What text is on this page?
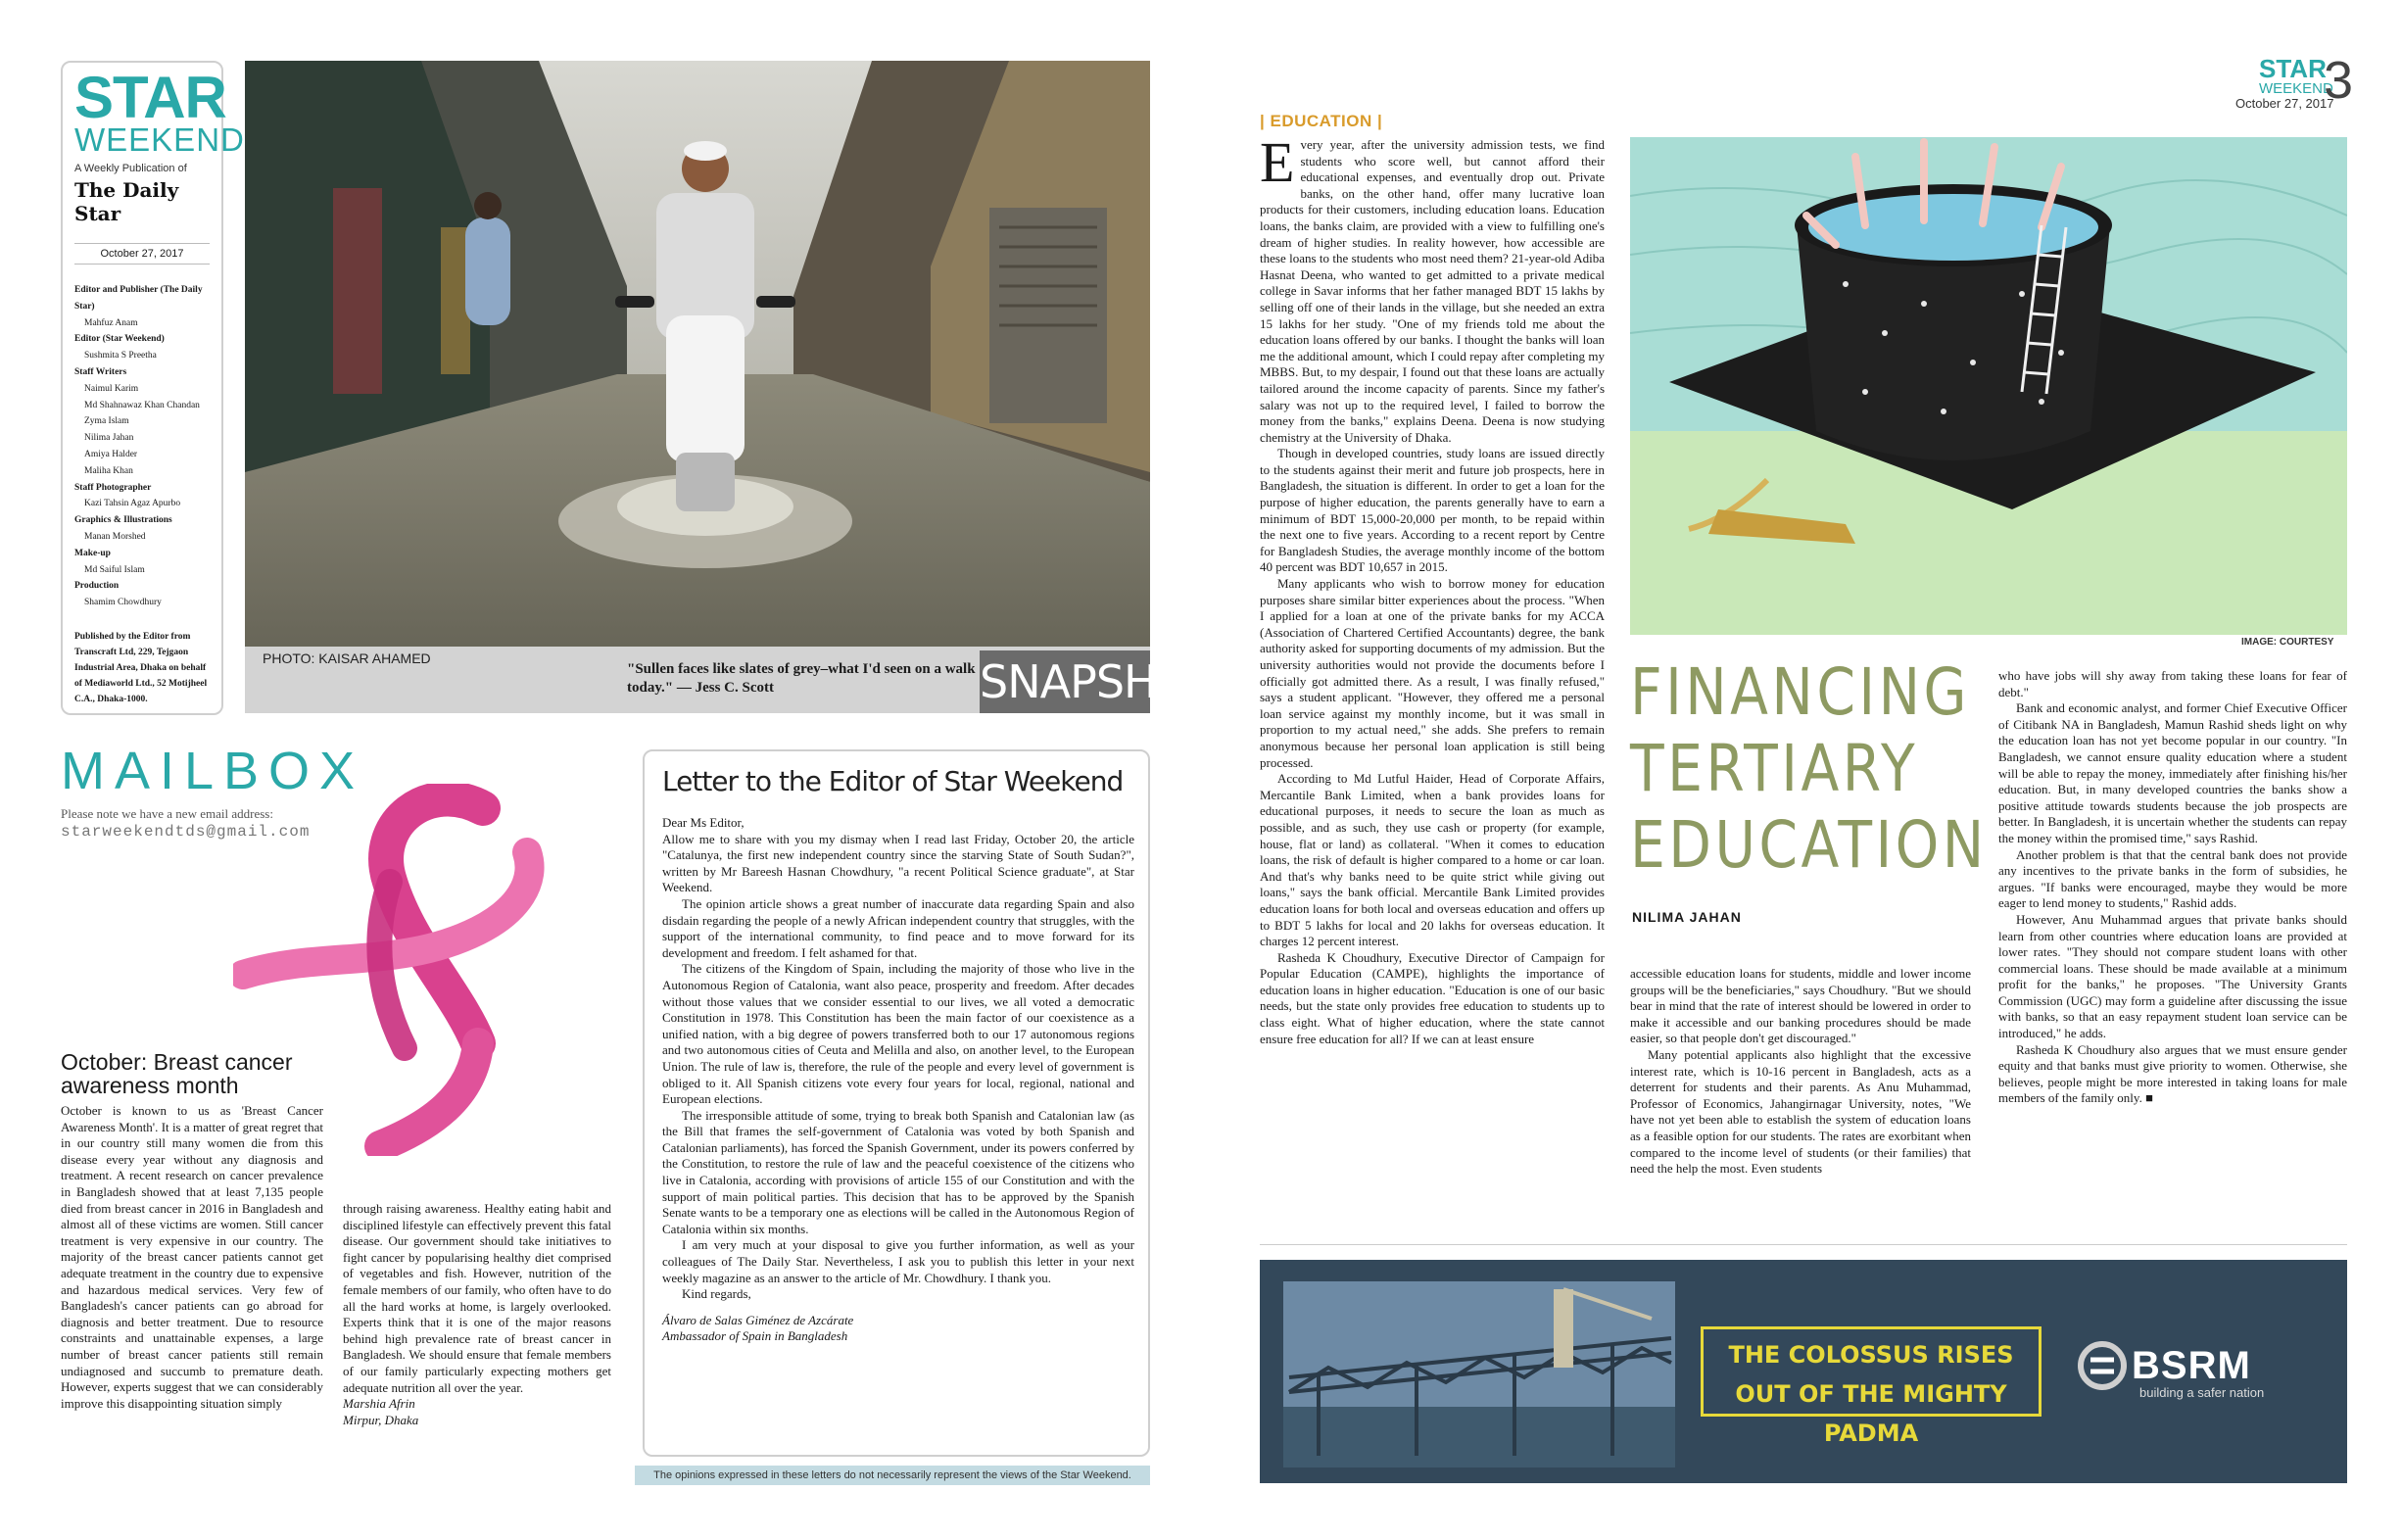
STAR
WEEKEND
A Weekly Publication of
The Daily Star
October 27, 2017
Editor and Publisher (The Daily Star)
Mahfuz Anam
Editor (Star Weekend)
Sushmita S Preetha
Staff Writers
Naimul Karim
Md Shahnawaz Khan Chandan
Zyma Islam
Nilima Jahan
Amiya Halder
Maliha Khan
Staff Photographer
Kazi Tahsin Agaz Apurbo
Graphics & Illustrations
Manan Morshed
Make-up
Md Saiful Islam
Production
Shamim Chowdhury
Published by the Editor from Transcraft Ltd, 229, Tejgaon Industrial Area, Dhaka on behalf of Mediaworld Ltd., 52 Motijheel C.A., Dhaka-1000.
PHOTO: KAISAR AHAMED
"Sullen faces like slates of grey–what I'd seen on a walk today." — Jess C. Scott	SNAPSHOT
MAILBOX
Please note we have a new email address:
starweekendtds@gmail.com
October: Breast cancer awareness month
October is known to us as 'Breast Cancer Awareness Month'. It is a matter of great regret that in our country still many women die from this disease every year without any diagnosis and treatment. A recent research on cancer prevalence in Bangladesh showed that at least 7,135 people died from breast cancer in 2016 in Bangladesh and almost all of these victims are women. Still cancer treatment is very expensive in our country. The majority of the breast cancer patients cannot get adequate treatment in the country due to expensive and hazardous medical services. Very few of Bangladesh's cancer patients can go abroad for diagnosis and better treatment. Due to resource constraints and unattainable expenses, a large number of breast cancer patients still remain undiagnosed and succumb to premature death. However, experts suggest that we can considerably improve this disappointing situation simply
through raising awareness. Healthy eating habit and disciplined lifestyle can effectively prevent this fatal disease. Our government should take initiatives to fight cancer by popularising healthy diet comprised of vegetables and fish. However, nutrition of the female members of our family, who often have to do all the hard works at home, is largely overlooked. Experts think that it is one of the major reasons behind high prevalence rate of breast cancer in Bangladesh. We should ensure that female members of our family particularly expecting mothers get adequate nutrition all over the year.
Marshia Afrin
Mirpur, Dhaka
Letter to the Editor of Star Weekend

Dear Ms Editor,

Allow me to share with you my dismay when I read last Friday, October 20, the article "Catalunya, the first new independent country since the starving State of South Sudan?", written by Mr Bareesh Hasnan Chowdhury, "a recent Political Science graduate", at Star Weekend.

The opinion article shows a great number of inaccurate data regarding Spain and also disdain regarding the people of a newly African independent country that struggles, with the support of the international community, to find peace and to move forward for its development and freedom. I felt ashamed for that.

The citizens of the Kingdom of Spain, including the majority of those who live in the Autonomous Region of Catalonia, want also peace, prosperity and freedom. After decades without those values that we consider essential to our lives, we all voted a democratic Constitution in 1978. This Constitution has been the main factor of our coexistence as a unified nation, with a big degree of powers transferred both to our 17 autonomous regions and two autonomous cities of Ceuta and Melilla and also, on another level, to the European Union. The rule of law is, therefore, the rule of the people and every level of government is obliged to it. All Spanish citizens vote every four years for local, regional, national and European elections.

The irresponsible attitude of some, trying to break both Spanish and Catalonian law (as the Bill that frames the self-government of Catalonia was voted by both Spanish and Catalonian parliaments), has forced the Spanish Government, under its powers conferred by the Constitution, to restore the rule of law and the peaceful coexistence of the citizens who live in Catalonia, according with provisions of article 155 of our Constitution and with the support of main political parties. This decision that has to be approved by the Spanish Senate wants to be a temporary one as elections will be called in the Autonomous Region of Catalonia within six months.

I am very much at your disposal to give you further information, as well as your colleagues of The Daily Star. Nevertheless, I ask you to publish this letter in your next weekly magazine as an answer to the article of Mr. Chowdhury. I thank you.

Kind regards,

Álvaro de Salas Giménez de Azcárate

Ambassador of Spain in Bangladesh

The opinions expressed in these letters do not necessarily represent the views of the Star Weekend.
STAR
WEEKEND
October 27, 2017
3
| EDUCATION |

Every year, after the university admission tests, we find students who score well, but cannot afford their educational expenses, and eventually drop out. Private banks, on the other hand, offer many lucrative loan products for their customers, including education loans. Education loans, the banks claim, are provided with a view to fulfilling one's dream of higher studies. In reality however, how accessible are these loans to the students who most need them? 21-year-old Adiba Hasnat Deena, who wanted to get admitted to a private medical college in Savar informs that her father managed BDT 15 lakhs by selling off one of their lands in the village, but she needed an extra 15 lakhs for her study. "One of my friends told me about the education loans offered by our banks. I thought the banks will loan me the additional amount, which I could repay after completing my MBBS. But, to my despair, I found out that these loans are actually tailored around the income capacity of parents. Since my father's salary was not up to the required level, I failed to borrow the money from the banks," explains Deena. Deena is now studying chemistry at the University of Dhaka.

Though in developed countries, study loans are issued directly to the students against their merit and future job prospects, here in Bangladesh, the situation is different. In order to get a loan for the purpose of higher education, the parents generally have to earn a minimum of BDT 15,000-20,000 per month, to be repaid within the next one to five years. According to a recent report by Centre for Bangladesh Studies, the average monthly income of the bottom 40 percent was BDT 10,657 in 2015.

Many applicants who wish to borrow money for education purposes share similar bitter experiences about the process. "When I applied for a loan at one of the private banks for my ACCA (Association of Chartered Certified Accountants) degree, the bank authority asked for supporting documents of my admission. But the university authorities would not provide the documents before I officially got admitted there. As a result, I was finally refused," says a student applicant. "However, they offered me a personal loan service against my monthly income, but it was small in proportion to my actual need," she adds. She prefers to remain anonymous because her personal loan application is still being processed.

According to Md Lutful Haider, Head of Corporate Affairs, Mercantile Bank Limited, when a bank provides loans for educational purposes, it needs to secure the loan as much as possible, and as such, they use cash or property (for example, house, flat or land) as collateral. "When it comes to education loans, the risk of default is higher compared to a home or car loan. And that's why banks need to be quite strict while giving out loans," says the bank official. Mercantile Bank Limited provides education loans for both local and overseas education and offers up to BDT 5 lakhs for local and 20 lakhs for overseas education. It charges 12 percent interest.

Rasheda K Choudhury, Executive Director of Campaign for Popular Education (CAMPE), highlights the importance of education loans in higher education. "Education is one of our basic needs, but the state only provides free education to students up to class eight. What of higher education, where the state cannot ensure free education for all? If we can at least ensure

IMAGE: COURTESY
FINANCING
TERTIARY
EDUCATION
NILIMA JAHAN

accessible education loans for students, middle and lower income groups will be the beneficiaries," says Choudhury. "But we should bear in mind that the rate of interest should be lowered in order to make it accessible and our banking procedures should be made easier, so that people don't get discouraged."

Many potential applicants also highlight that the excessive interest rate, which is 10-16 percent in Bangladesh, acts as a deterrent for students and their parents. As Anu Muhammad, Professor of Economics, Jahangirnagar University, notes, "We have not yet been able to establish the system of education loans as a feasible option for our students. The rates are exorbitant when compared to the income level of students (or their families) that need the help the most. Even students

who have jobs will shy away from taking these loans for fear of debt."

Bank and economic analyst, and former Chief Executive Officer of Citibank NA in Bangladesh, Mamun Rashid sheds light on why the education loan has not yet become popular in our country. "In Bangladesh, we cannot ensure quality education where a student will be able to repay the money, immediately after finishing his/her education. But, in many developed countries the banks show a positive attitude towards students because the job prospects are better. In Bangladesh, it is uncertain whether the students can repay the money within the promised time," says Rashid.

Another problem is that that the central bank does not provide any incentives to the private banks in the form of subsidies, he argues. "If banks were encouraged, maybe they would be more eager to lend money to students," Rashid adds.

However, Anu Muhammad argues that private banks should learn from other countries where education loans are provided at lower rates. "They should not compare student loans with other commercial loans. These should be made available at a minimum profit for the banks," he proposes. "The University Grants Commission (UGC) may form a guideline after discussing the issue with banks, so that an easy repayment student loan service can be introduced," he adds.

Rasheda K Choudhury also argues that we must ensure gender equity and that banks must give priority to women. Otherwise, she believes, people might be more interested in taking loans for male members of the family only. ■

THE COLOSSUS RISES
OUT OF THE MIGHTY PADMA
BSRM
building a safer nation
